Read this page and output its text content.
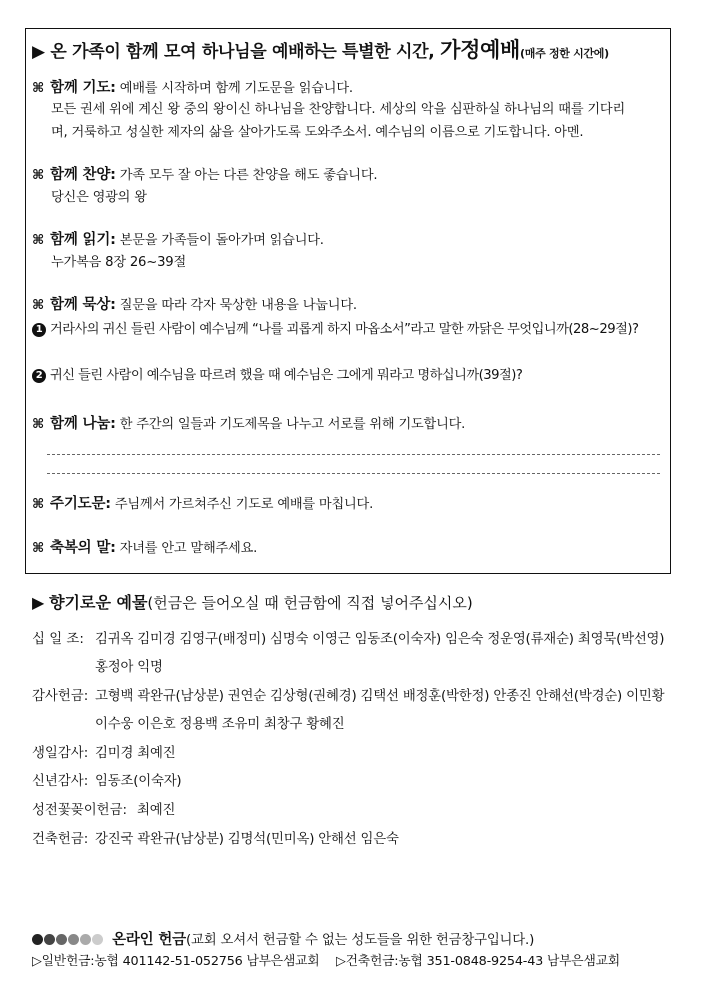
▶ 온 가족이 함께 모여 하나님을 예배하는 특별한 시간, 가정예배(매주 정한 시간에)
⌘ 함께 기도: 예배를 시작하며 함께 기도문을 읽습니다.
모든 권세 위에 계신 왕 중의 왕이신 하나님을 찬양합니다. 세상의 악을 심판하실 하나님의 때를 기다리
며, 거룩하고 성실한 제자의 삶을 살아가도록 도와주소서. 예수님의 이름으로 기도합니다. 아멘.
⌘ 함께 찬양: 가족 모두 잘 아는 다른 찬양을 해도 좋습니다.
당신은 영광의 왕
⌘ 함께 읽기: 본문을 가족들이 돌아가며 읽습니다.
누가복음 8장 26~39절
⌘ 함께 묵상: 질문을 따라 각자 묵상한 내용을 나눕니다.
1 거라사의 귀신 들린 사람이 예수님께 “나를 괴롭게 하지 마옵소서”라고 말한 까닭은 무엇입니까(28~29절)?
2 귀신 들린 사람이 예수님을 따르려 했을 때 예수님은 그에게 뭐라고 명하십니까(39절)?
⌘ 함께 나눔: 한 주간의 일들과 기도제목을 나누고 서로를 위해 기도합니다.
⌘ 주기도문: 주님께서 가르쳐주신 기도로 예배를 마칩니다.
⌘ 축복의 말: 자녀를 안고 말해주세요.
▶ 향기로운 예물(헌금은 들어오실 때 헌금함에 직접 넣어주십시오)
십 일 조: 김귀옥 김미경 김영구(배정미) 심명숙 이영근 임동조(이숙자) 임은숙 정운영(류재순) 최영묵(박선영)
홍정아 익명
감사헌금: 고형백 곽완규(남상분) 권연순 김상형(권혜경) 김택선 배정훈(박한정) 안종진 안해선(박경순) 이민황
이수웅 이은호 정용백 조유미 최창구 황혜진
생일감사: 김미경 최예진
신년감사: 임동조(이숙자)
성전꽃꽂이헌금: 최예진
건축헌금: 강진국 곽완규(남상분) 김명석(민미옥) 안해선 임은숙
온라인 헌금(교회 오셔서 헌금할 수 없는 성도들을 위한 헌금창구입니다.)
▷일반헌금:농협 401142-51-052756 남부은샘교회 ▷건축헌금:농협 351-0848-9254-43 남부은샘교회
